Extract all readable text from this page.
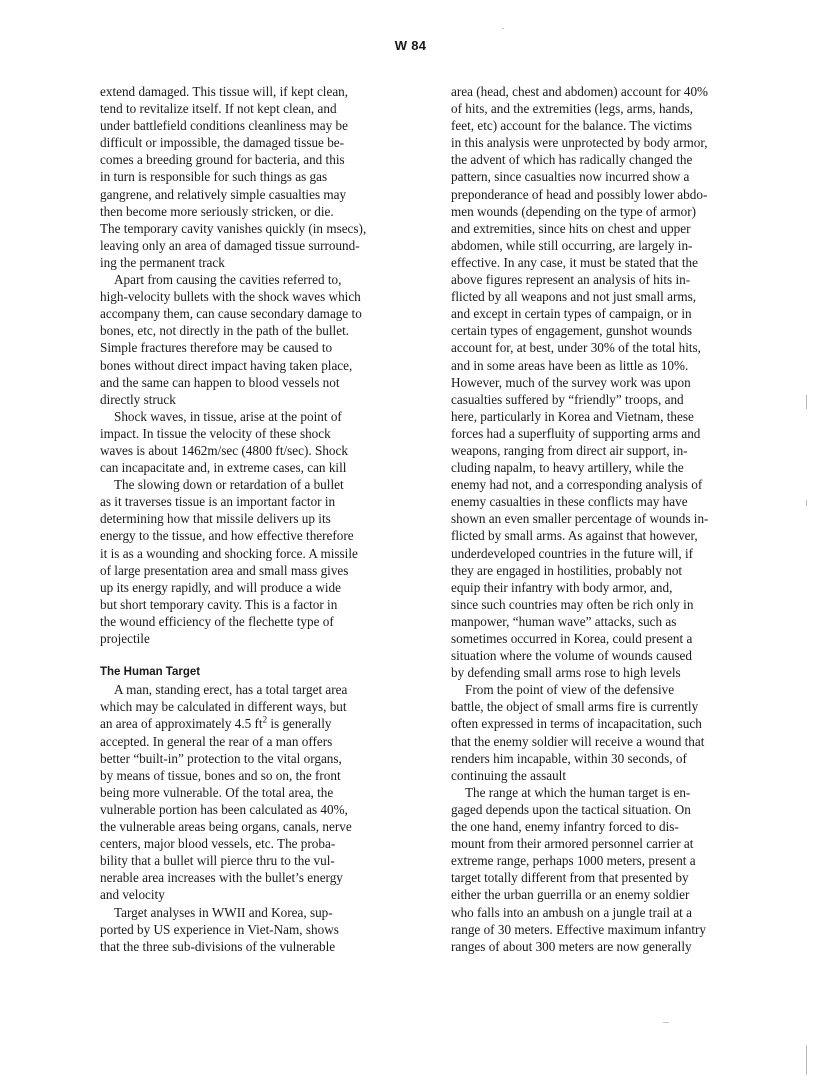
W 84
extend damaged. This tissue will, if kept clean,
tend to revitalize itself. If not kept clean, and
under battlefield conditions cleanliness may be
difficult or impossible, the damaged tissue be-
comes a breeding ground for bacteria, and this
in turn is responsible for such things as gas
gangrene, and relatively simple casualties may
then become more seriously stricken, or die.
The temporary cavity vanishes quickly (in msecs),
leaving only an area of damaged tissue surround-
ing the permanent track
Apart from causing the cavities referred to,
high-velocity bullets with the shock waves which
accompany them, can cause secondary damage to
bones, etc, not directly in the path of the bullet.
Simple fractures therefore may be caused to
bones without direct impact having taken place,
and the same can happen to blood vessels not
directly struck
Shock waves, in tissue, arise at the point of
impact. In tissue the velocity of these shock
waves is about 1462m/sec (4800 ft/sec). Shock
can incapacitate and, in extreme cases, can kill
The slowing down or retardation of a bullet
as it traverses tissue is an important factor in
determining how that missile delivers up its
energy to the tissue, and how effective therefore
it is as a wounding and shocking force. A missile
of large presentation area and small mass gives
up its energy rapidly, and will produce a wide
but short temporary cavity. This is a factor in
the wound efficiency of the flechette type of
projectile
The Human Target
A man, standing erect, has a total target area
which may be calculated in different ways, but
an area of approximately 4.5 $ft^2$ is generally
accepted. In general the rear of a man offers
better “built-in” protection to the vital organs,
by means of tissue, bones and so on, the front
being more vulnerable. Of the total area, the
vulnerable portion has been calculated as 40%,
the vulnerable areas being organs, canals, nerve
centers, major blood vessels, etc. The proba-
bility that a bullet will pierce thru to the vul-
nerable area increases with the bullet’s energy
and velocity
Target analyses in WWII and Korea, sup-
ported by US experience in Viet-Nam, shows
that the three sub-divisions of the vulnerable
area (head, chest and abdomen) account for 40%
of hits, and the extremities (legs, arms, hands,
feet, etc) account for the balance. The victims
in this analysis were unprotected by body armor,
the advent of which has radically changed the
pattern, since casualties now incurred show a
preponderance of head and possibly lower abdo-
men wounds (depending on the type of armor)
and extremities, since hits on chest and upper
abdomen, while still occurring, are largely in-
effective. In any case, it must be stated that the
above figures represent an analysis of hits in-
flicted by all weapons and not just small arms,
and except in certain types of campaign, or in
certain types of engagement, gunshot wounds
account for, at best, under 30% of the total hits,
and in some areas have been as little as 10%.
However, much of the survey work was upon
casualties suffered by “friendly” troops, and
here, particularly in Korea and Vietnam, these
forces had a superfluity of supporting arms and
weapons, ranging from direct air support, in-
cluding napalm, to heavy artillery, while the
enemy had not, and a corresponding analysis of
enemy casualties in these conflicts may have
shown an even smaller percentage of wounds in-
flicted by small arms. As against that however,
underdeveloped countries in the future will, if
they are engaged in hostilities, probably not
equip their infantry with body armor, and,
since such countries may often be rich only in
manpower, “human wave” attacks, such as
sometimes occurred in Korea, could present a
situation where the volume of wounds caused
by defending small arms rose to high levels
From the point of view of the defensive
battle, the object of small arms fire is currently
often expressed in terms of incapacitation, such
that the enemy soldier will receive a wound that
renders him incapable, within 30 seconds, of
continuing the assault
The range at which the human target is en-
gaged depends upon the tactical situation. On
the one hand, enemy infantry forced to dis-
mount from their armored personnel carrier at
extreme range, perhaps 1000 meters, present a
target totally different from that presented by
either the urban guerrilla or an enemy soldier
who falls into an ambush on a jungle trail at a
range of 30 meters. Effective maximum infantry
ranges of about 300 meters are now generally
